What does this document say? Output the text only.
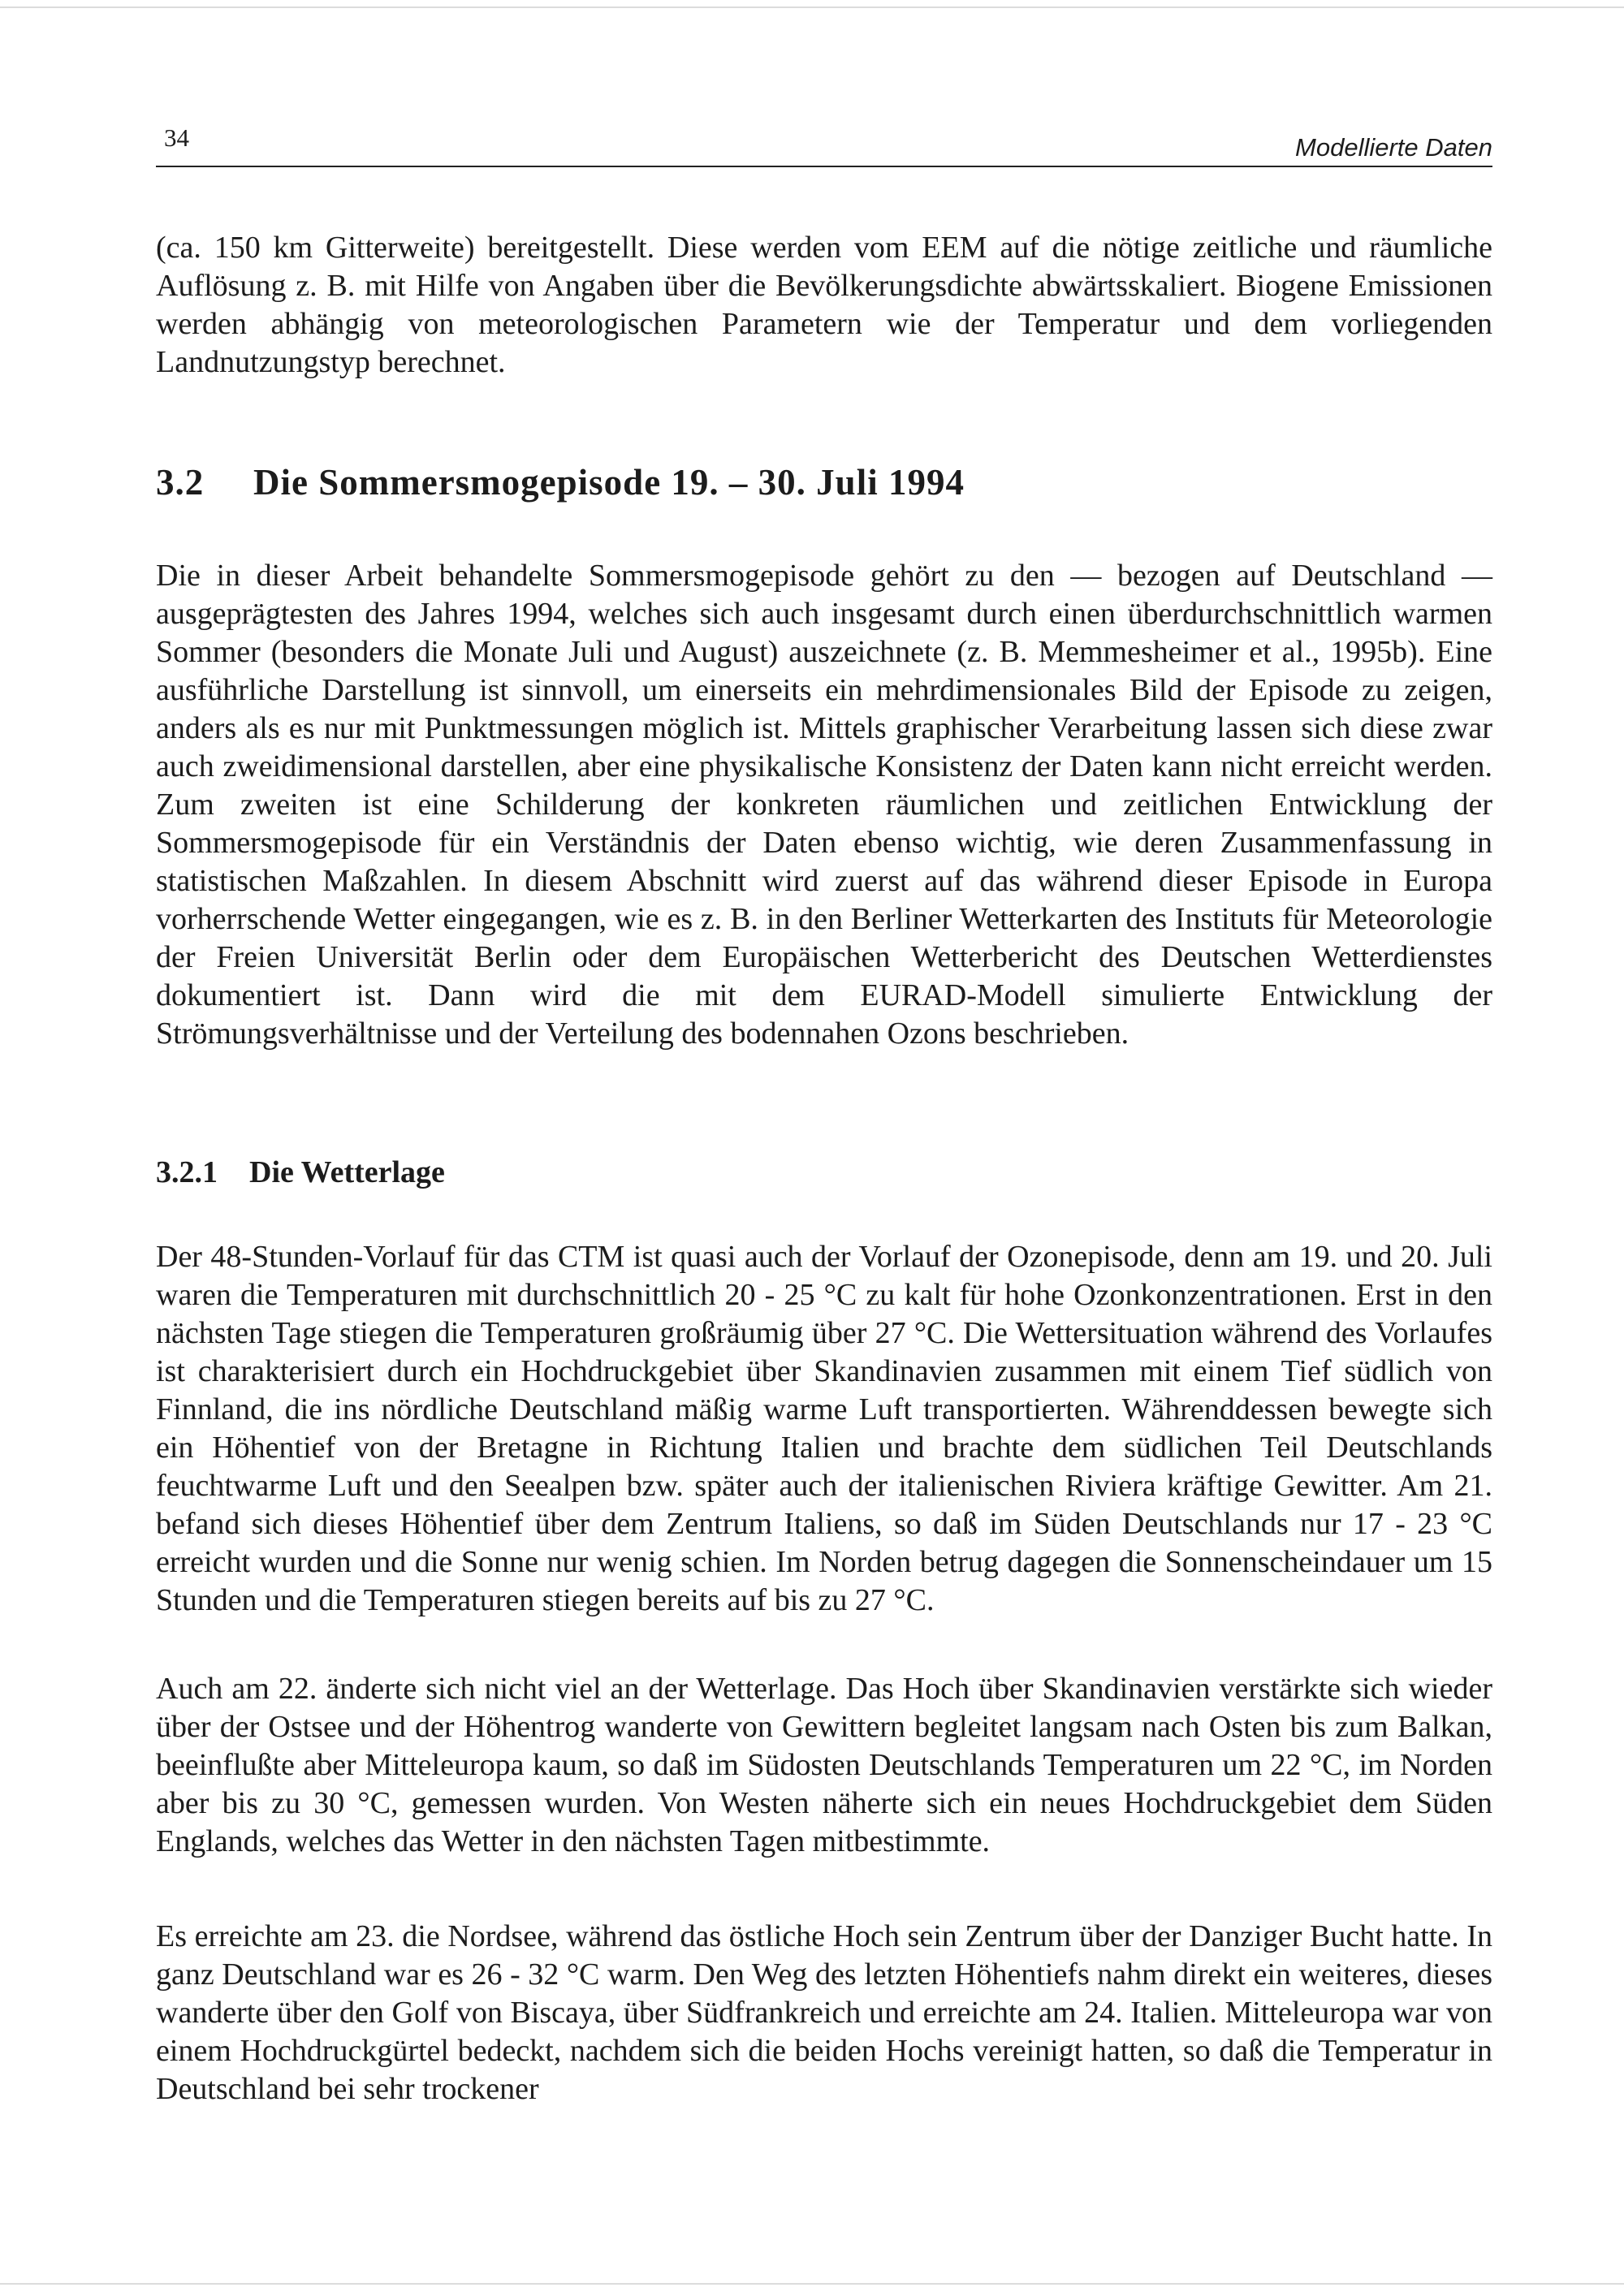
34	Modellierte Daten

(ca. 150 km Gitterweite) bereitgestellt. Diese werden vom EEM auf die nötige zeitliche und räumliche Auflösung z. B. mit Hilfe von Angaben über die Bevölkerungsdichte abwärtsskaliert. Biogene Emissionen werden abhängig von meteorologischen Parametern wie der Temperatur und dem vorliegenden Landnutzungstyp berechnet.

3.2 Die Sommersmogepisode 19. – 30. Juli 1994

Die in dieser Arbeit behandelte Sommersmogepisode gehört zu den — bezogen auf Deutschland — ausgeprägtesten des Jahres 1994, welches sich auch insgesamt durch einen überdurchschnittlich warmen Sommer (besonders die Monate Juli und August) auszeichnete (z. B. Memmesheimer et al., 1995b). Eine ausführliche Darstellung ist sinnvoll, um einerseits ein mehrdimensionales Bild der Episode zu zeigen, anders als es nur mit Punktmessungen möglich ist. Mittels graphischer Verarbeitung lassen sich diese zwar auch zweidimensional darstellen, aber eine physikalische Konsistenz der Daten kann nicht erreicht werden. Zum zweiten ist eine Schilderung der konkreten räumlichen und zeitlichen Entwicklung der Sommersmogepisode für ein Verständnis der Daten ebenso wichtig, wie deren Zusammenfassung in statistischen Maßzahlen. In diesem Abschnitt wird zuerst auf das während dieser Episode in Europa vorherrschende Wetter eingegangen, wie es z. B. in den Berliner Wetterkarten des Instituts für Meteorologie der Freien Universität Berlin oder dem Europäischen Wetterbericht des Deutschen Wetterdienstes dokumentiert ist. Dann wird die mit dem EURAD-Modell simulierte Entwicklung der Strömungsverhältnisse und der Verteilung des bodennahen Ozons beschrieben.

3.2.1 Die Wetterlage

Der 48-Stunden-Vorlauf für das CTM ist quasi auch der Vorlauf der Ozonepisode, denn am 19. und 20. Juli waren die Temperaturen mit durchschnittlich 20 - 25 °C zu kalt für hohe Ozonkonzentrationen. Erst in den nächsten Tage stiegen die Temperaturen großräumig über 27 °C. Die Wettersituation während des Vorlaufes ist charakterisiert durch ein Hochdruckgebiet über Skandinavien zusammen mit einem Tief südlich von Finnland, die ins nördliche Deutschland mäßig warme Luft transportierten. Währenddessen bewegte sich ein Höhentief von der Bretagne in Richtung Italien und brachte dem südlichen Teil Deutschlands feuchtwarme Luft und den Seealpen bzw. später auch der italienischen Riviera kräftige Gewitter. Am 21. befand sich dieses Höhentief über dem Zentrum Italiens, so daß im Süden Deutschlands nur 17 - 23 °C erreicht wurden und die Sonne nur wenig schien. Im Norden betrug dagegen die Sonnenscheindauer um 15 Stunden und die Temperaturen stiegen bereits auf bis zu 27 °C.

Auch am 22. änderte sich nicht viel an der Wetterlage. Das Hoch über Skandinavien verstärkte sich wieder über der Ostsee und der Höhentrog wanderte von Gewittern begleitet langsam nach Osten bis zum Balkan, beeinflußte aber Mitteleuropa kaum, so daß im Südosten Deutschlands Temperaturen um 22 °C, im Norden aber bis zu 30 °C, gemessen wurden. Von Westen näherte sich ein neues Hochdruckgebiet dem Süden Englands, welches das Wetter in den nächsten Tagen mitbestimmte.

Es erreichte am 23. die Nordsee, während das östliche Hoch sein Zentrum über der Danziger Bucht hatte. In ganz Deutschland war es 26 - 32 °C warm. Den Weg des letzten Höhentiefs nahm direkt ein weiteres, dieses wanderte über den Golf von Biscaya, über Südfrankreich und erreichte am 24. Italien. Mitteleuropa war von einem Hochdruckgürtel bedeckt, nachdem sich die beiden Hochs vereinigt hatten, so daß die Temperatur in Deutschland bei sehr trockener
